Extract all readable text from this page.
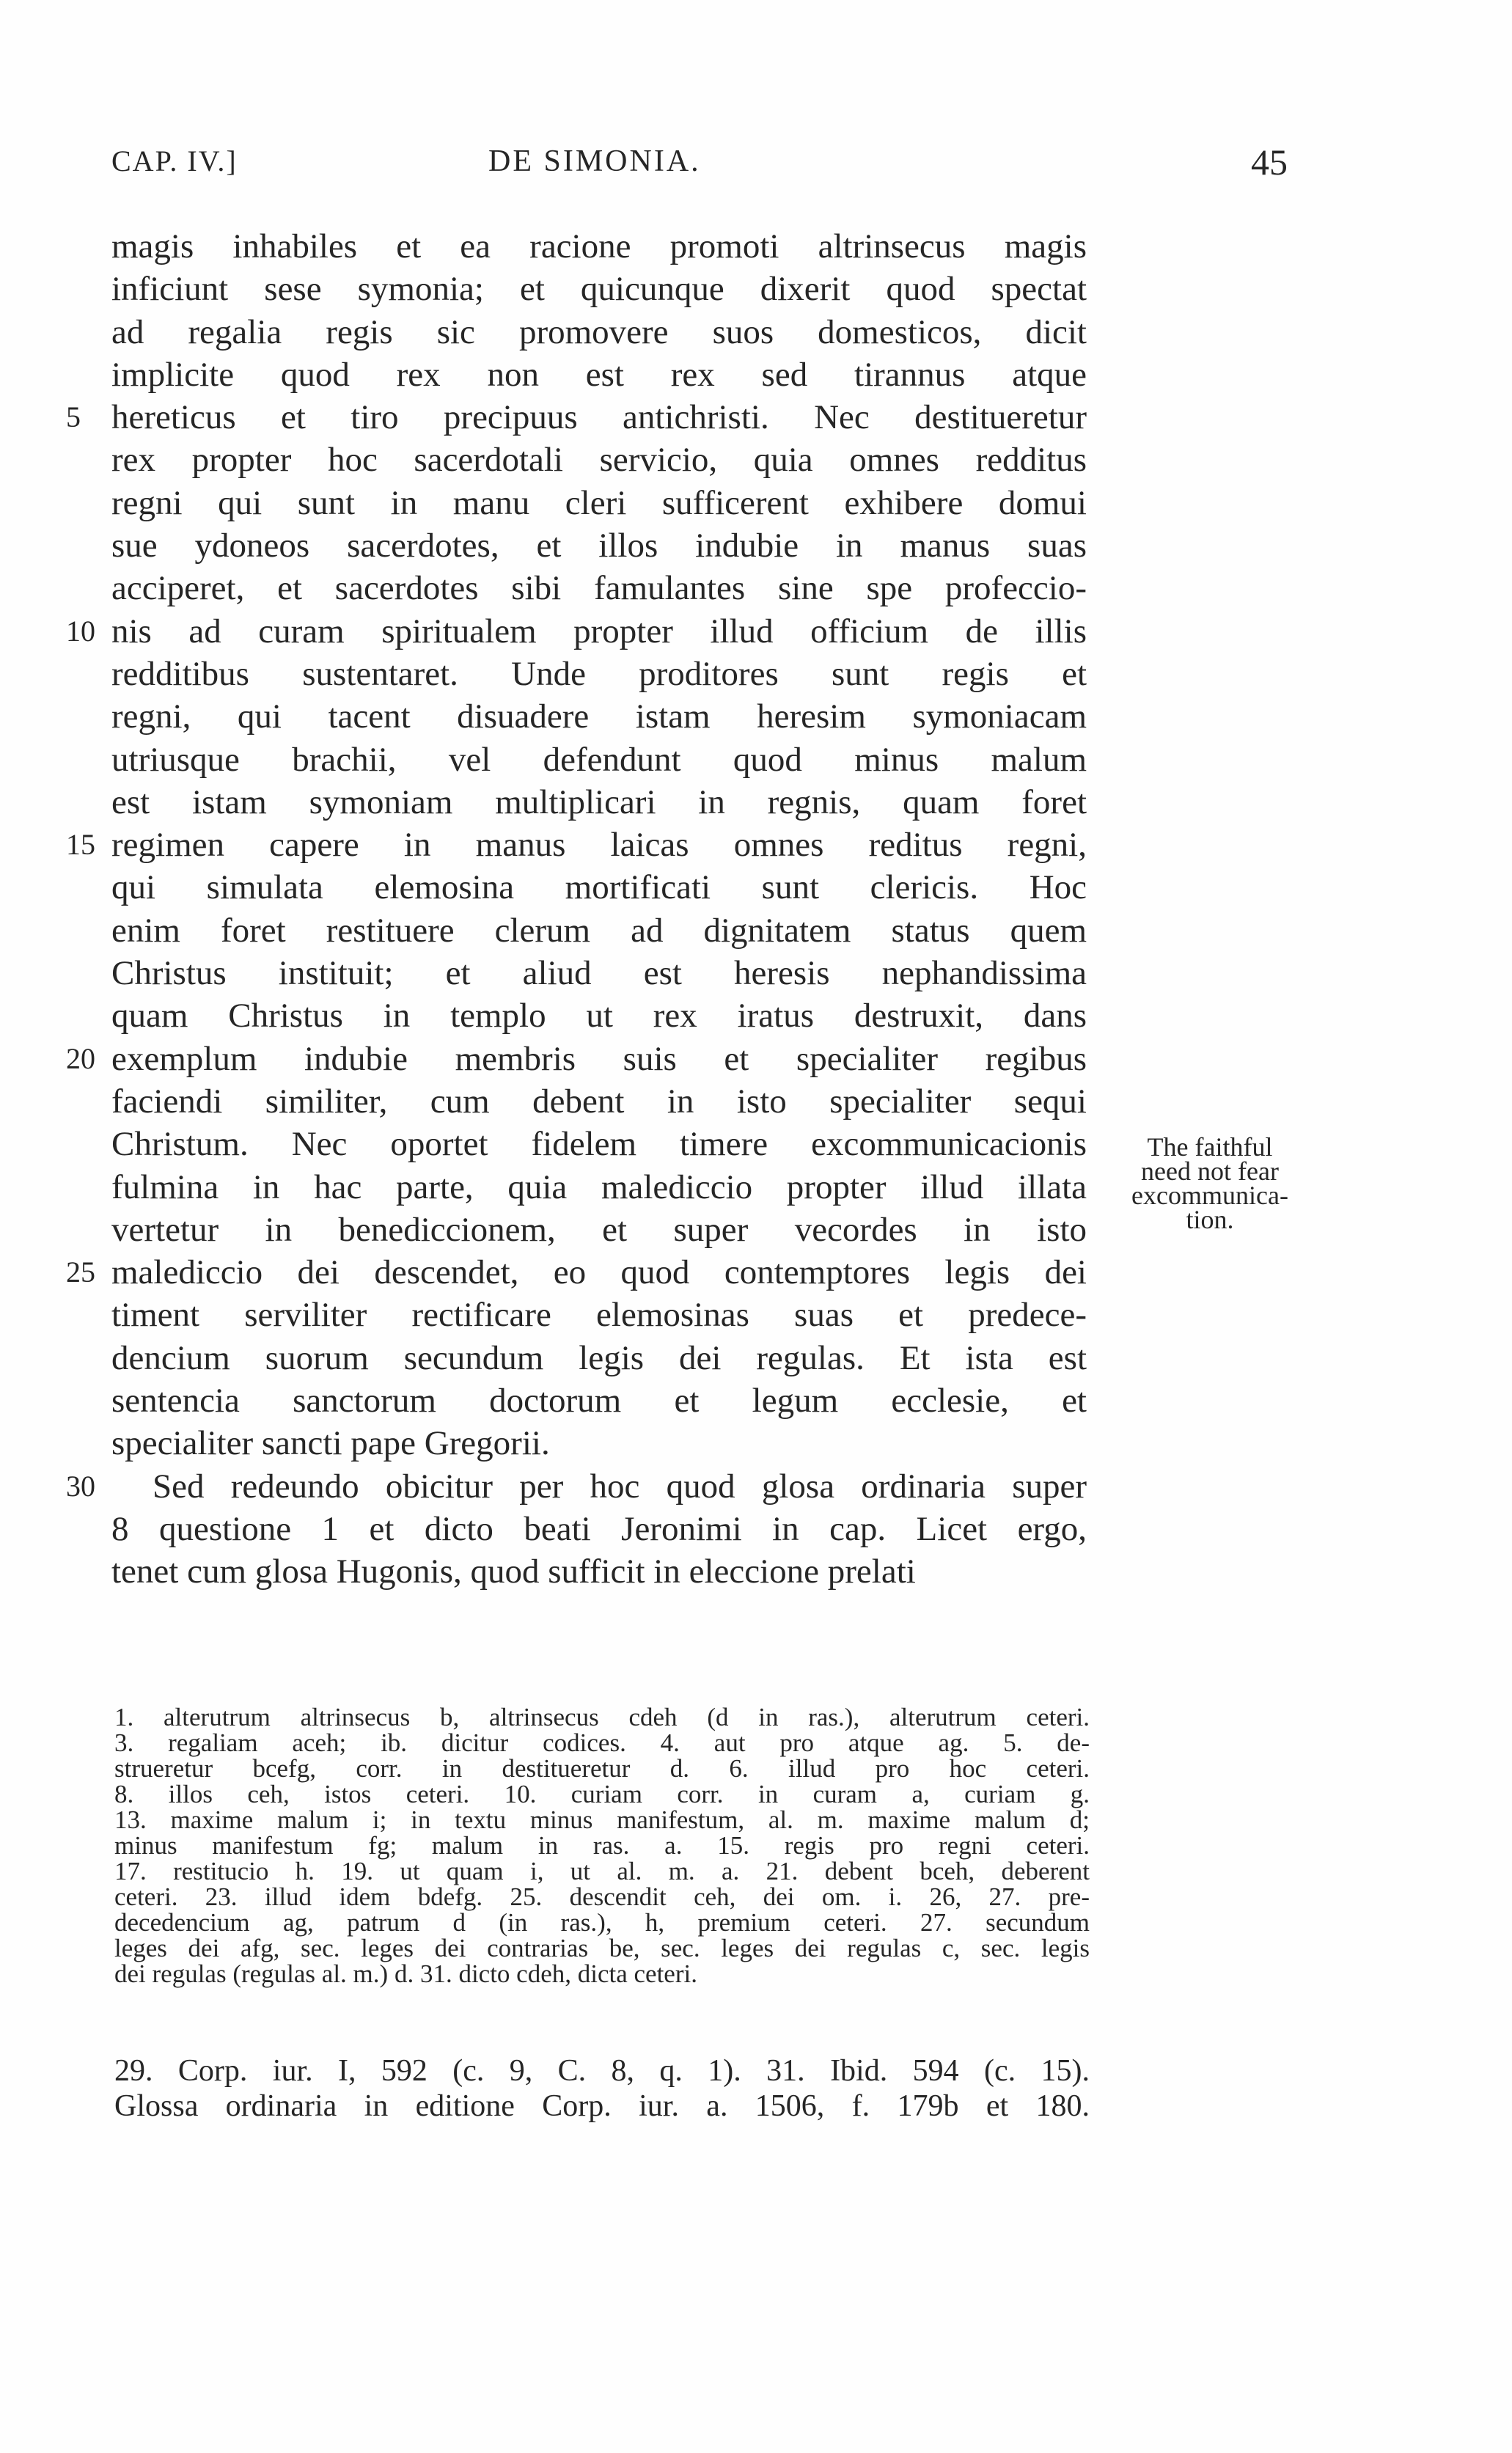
CAP. IV.]	DE SIMONIA.	45
magis inhabiles et ea racione promoti altrinsecus magis
inficiunt sese symonia; et quicunque dixerit quod spectat
ad regalia regis sic promovere suos domesticos, dicit
implicite quod rex non est rex sed tirannus atque
5 hereticus et tiro precipuus antichristi. Nec destitueretur
rex propter hoc sacerdotali servicio, quia omnes redditus
regni qui sunt in manu cleri sufficerent exhibere domui
sue ydoneos sacerdotes, et illos indubie in manus suas
acciperet, et sacerdotes sibi famulantes sine spe profeccio-
10 nis ad curam spiritualem propter illud officium de illis
redditibus sustentaret. Unde proditores sunt regis et
regni, qui tacent disuadere istam heresim symoniacam
utriusque brachii, vel defendunt quod minus malum
est istam symoniam multiplicari in regnis, quam foret
15 regimen capere in manus laicas omnes reditus regni,
qui simulata elemosina mortificati sunt clericis. Hoc
enim foret restituere clerum ad dignitatem status quem
Christus instituit; et aliud est heresis nephandissima
quam Christus in templo ut rex iratus destruxit, dans
20 exemplum indubie membris suis et specialiter regibus
faciendi similiter, cum debent in isto specialiter sequi
Christum. Nec oportet fidelem timere excommunicacionis
fulmina in hac parte, quia malediccio propter illud illata
vertetur in benediccionem, et super vecordes in isto
25 malediccio dei descendet, eo quod contemptores legis dei
timent serviliter rectificare elemosinas suas et predece-
dencium suorum secundum legis dei regulas. Et ista est
sentencia sanctorum doctorum et legum ecclesie, et
specialiter sancti pape Gregorii.
30	Sed redeundo obicitur per hoc quod glosa ordinaria super
8 questione 1 et dicto beati Jeronimi in cap. Licet ergo,
tenet cum glosa Hugonis, quod sufficit in eleccione prelati
The faithful
need not fear
excommunica-
tion.
1. alterutrum altrinsecus b, altrinsecus cdeh (d in ras.), alterutrum ceteri.
3. regaliam aceh; ib. dicitur codices. 4. aut pro atque ag. 5. de-
strueretur bcefg, corr. in destitueretur d. 6. illud pro hoc ceteri.
8. illos ceh, istos ceteri. 10. curiam corr. in curam a, curiam g.
13. maxime malum i; in textu minus manifestum, al. m. maxime malum d;
minus manifestum fg; malum in ras. a. 15. regis pro regni ceteri.
17. restitucio h. 19. ut quam i, ut al. m. a. 21. debent bceh, deberent
ceteri. 23. illud idem bdefg. 25. descendit ceh, dei om. i. 26, 27. pre-
decedencium ag, patrum d (in ras.), h, premium ceteri. 27. secundum
leges dei afg, sec. leges dei contrarias be, sec. leges dei regulas c, sec. legis
dei regulas (regulas al. m.) d. 31. dicto cdeh, dicta ceteri.
29. Corp. iur. I, 592 (c. 9, C. 8, q. 1). 31. Ibid. 594 (c. 15).
Glossa ordinaria in editione Corp. iur. a. 1506, f. 179b et 180.
